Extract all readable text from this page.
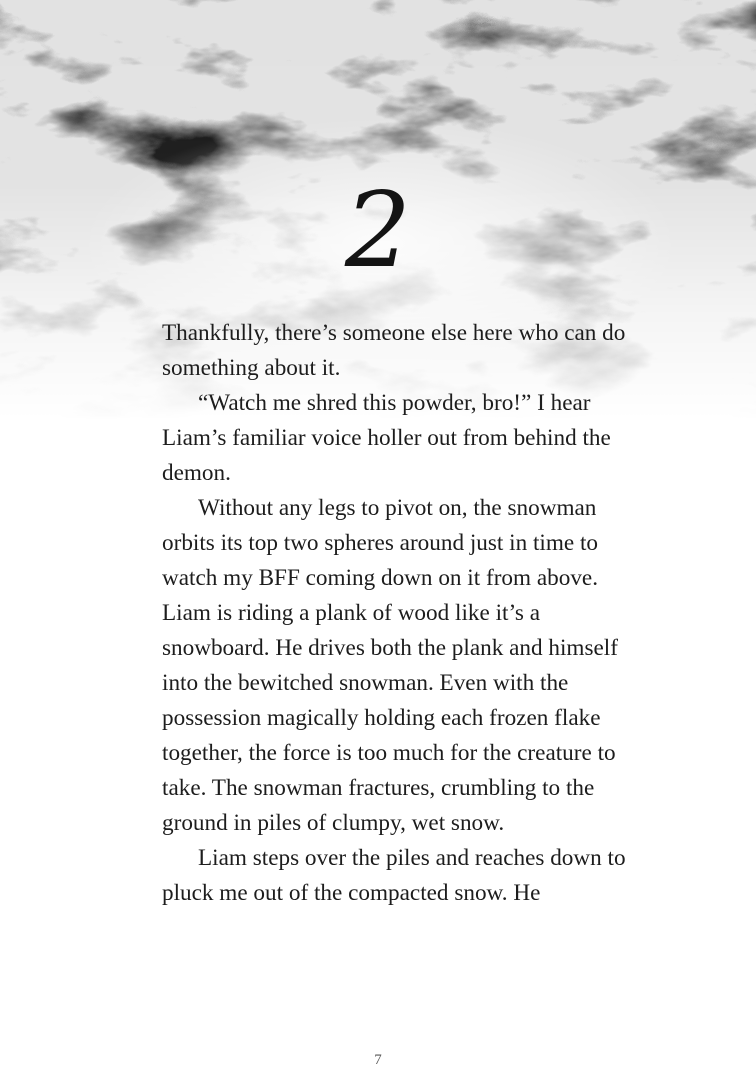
2

Thankfully, there’s someone else here who can do something about it.

“Watch me shred this powder, bro!” I hear Liam’s familiar voice holler out from behind the demon.

Without any legs to pivot on, the snowman orbits its top two spheres around just in time to watch my BFF coming down on it from above. Liam is riding a plank of wood like it’s a snowboard. He drives both the plank and himself into the bewitched snowman. Even with the possession magically holding each frozen flake together, the force is too much for the creature to take. The snowman fractures, crumbling to the ground in piles of clumpy, wet snow.

Liam steps over the piles and reaches down to pluck me out of the compacted snow. He

7
